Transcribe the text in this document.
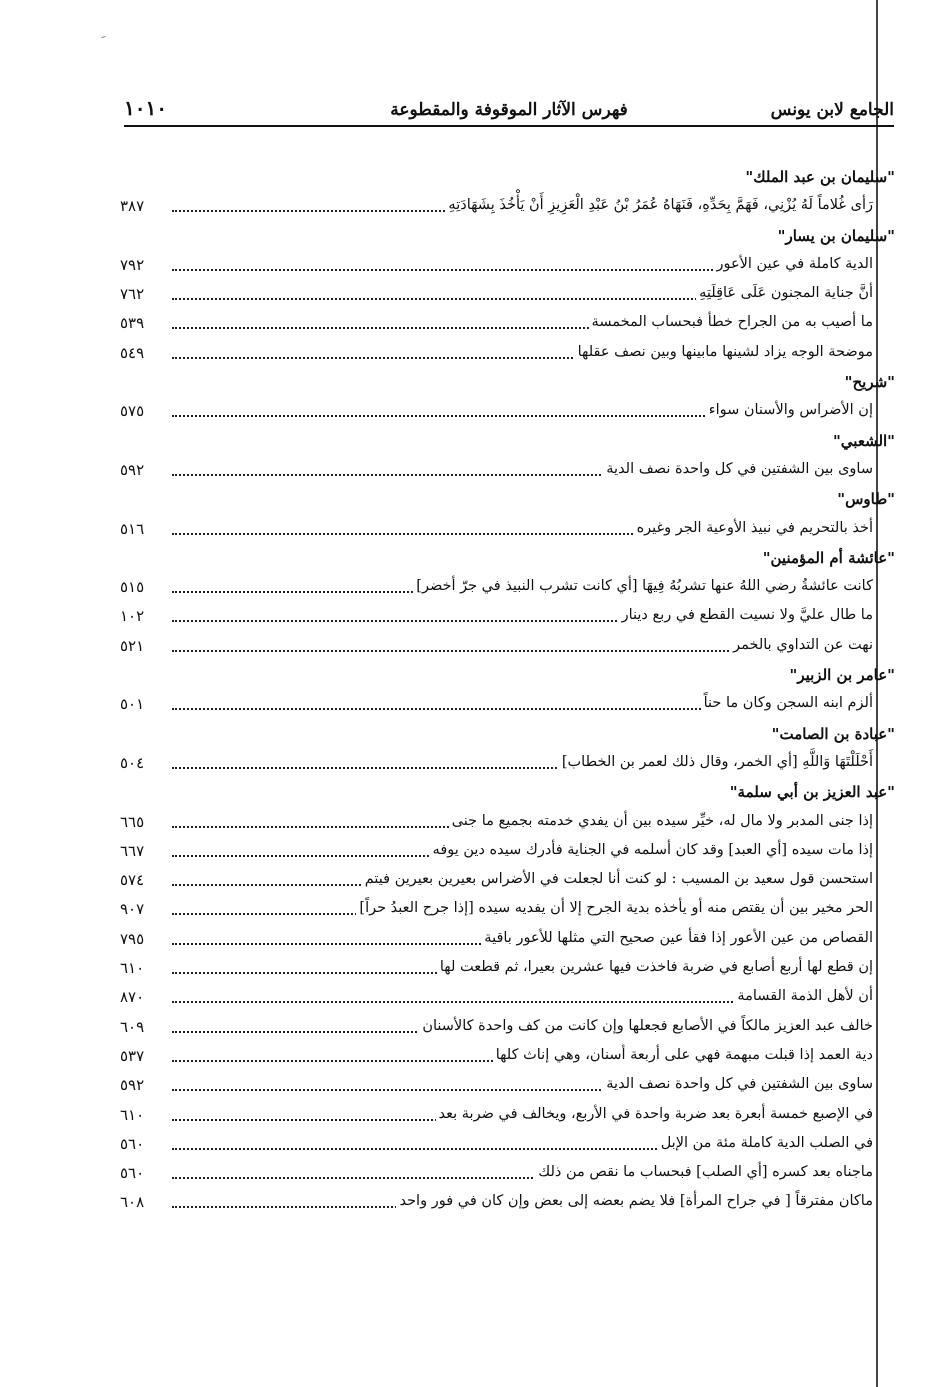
الجامع لابن يونس
فهرس الآثار الموقوفة والمقطوعة
١٠١٠
"سليمان بن عبد الملك"
رَأى غُلاماً لَهُ يُزْنِي، فَهَمَّ بِحَدِّهِ، فَنَهَاهُ عُمَرُ بْنُ عَبْدِ الْعَزِيزِ أَنْ يَأْخُذَ بِشَهَادَتِهِ
٣٨٧
"سليمان بن يسار"
الدية كاملة في عين الأعور
٧٩٢
أنَّ جناية المجنون عَلَى عَاقِلَتِهِ
٧٦٢
ما أصيب به من الجراح خطأ فبحساب المخمسة
٥٣٩
موضحة الوجه يزاد لشينها مابينها وبين نصف عقلها
٥٤٩
"شريح"
إن الأضراس والأسنان سواء
٥٧٥
"الشعبي"
ساوى بين الشفتين في كل واحدة نصف الدية
٥٩٢
"طاوس"
أخذ بالتحريم في نبيذ الأوعية الجر وغيره
٥١٦
"عائشة أم المؤمنين"
كانت عائشةُ رضي اللهُ عنها تشربُهُ فِيهَا [أي كانت تشرب النبيذ في جرّ أخضر]
٥١٥
ما طال عليَّ ولا نسيت القطع في ربع دينار
١٠٢
نهت عن التداوي بالخمر
٥٢١
"عامر بن الزبير"
ألزم ابنه السجن وكان ما حناً
٥٠١
"عبادة بن الصامت"
أَحْلَلْتَهَا وَاللَّهِ [أي الخمر، وقال ذلك لعمر بن الخطاب]
٥٠٤
"عبد العزيز بن أبي سلمة"
إذا جنى المدبر ولا مال له، خيِّر سيده بين أن يفدي خدمته بجميع ما جنى
٦٦٥
إذا مات سيده [أي العبد] وقد كان أسلمه في الجناية فأدرك سيده دين يوفه
٦٦٧
استحسن قول سعيد بن المسيب : لو كنت أنا لجعلت في الأضراس بعيرين بعيرين فيتم
٥٧٤
الحر مخير بين أن يقتص منه أو يأخذه بدية الجرح إلا أن يفديه سيده [إذا جرح العبدُ حراً]
٩٠٧
القصاص من عين الأعور إذا فقأ عين صحيح التي مثلها للأعور باقية
٧٩٥
إن قطع لها أربع أصابع في ضربة فاخذت فيها عشرين بعيرا، ثم قطعت لها
٦١٠
أن لأهل الذمة القسامة
٨٧٠
خالف عبد العزيز مالكاً في الأصابع فجعلها وإن كانت من كف واحدة كالأسنان
٦٠٩
دية العمد إذا قبلت مبهمة فهي على أربعة أسنان، وهي إناث كلها
٥٣٧
ساوى بين الشفتين في كل واحدة نصف الدية
٥٩٢
في الإصبع خمسة أبعرة بعد ضربة واحدة في الأربع، ويخالف في ضربة بعد
٦١٠
في الصلب الدية كاملة مئة من الإبل
٥٦٠
ماجناه بعد كسره [أي الصلب] فبحساب ما نقص من ذلك
٥٦٠
ماكان مفترقاً [ في جراح المرأة] فلا يضم بعضه إلى بعض وإن كان في فور واحد
٦٠٨
